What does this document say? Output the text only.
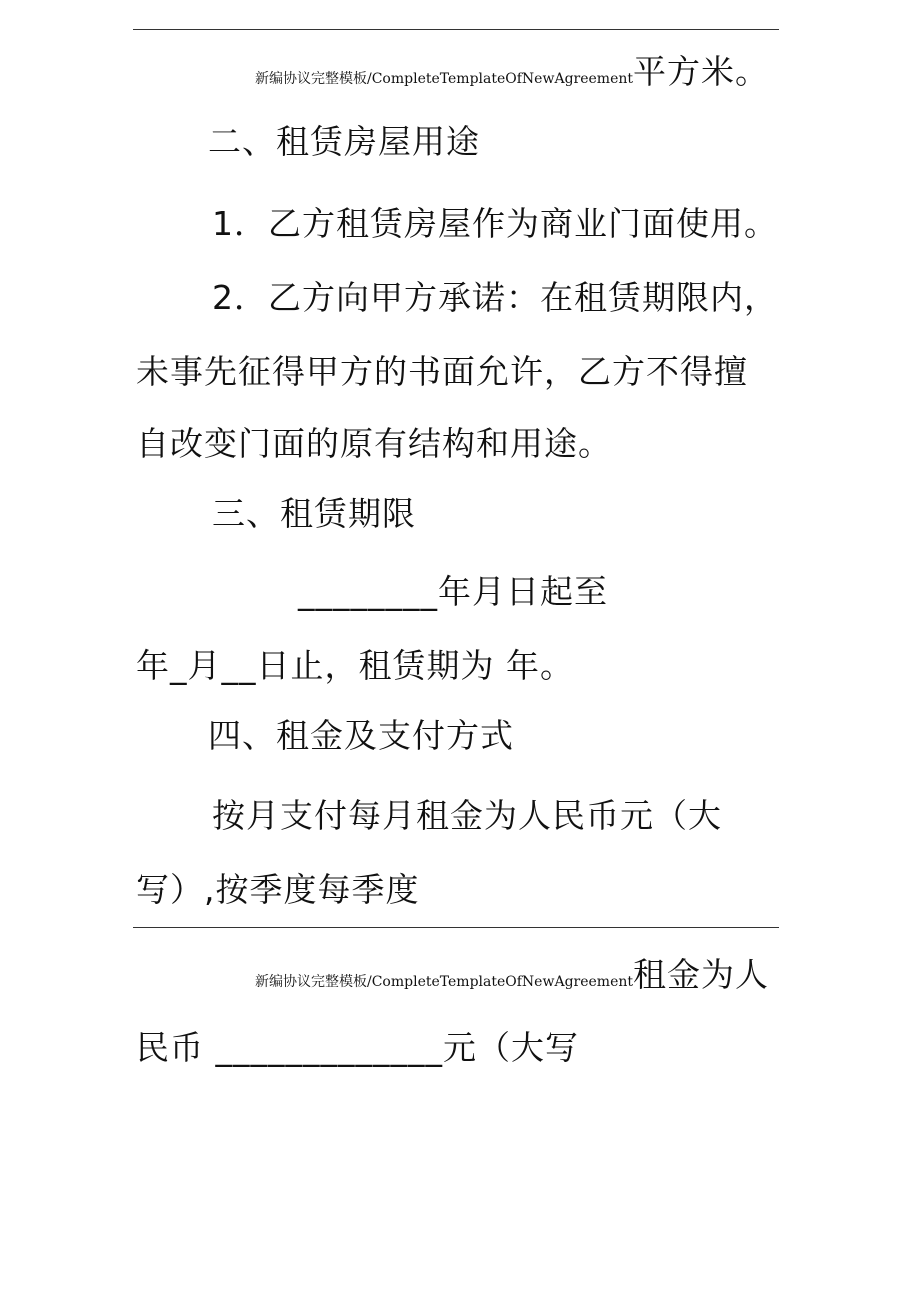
新编协议完整模板/CompleteTemplateOfNewAgreement平方米。
二、租赁房屋用途
1．乙方租赁房屋作为商业门面使用。
2．乙方向甲方承诺：在租赁期限内，
未事先征得甲方的书面允许，乙方不得擅
自改变门面的原有结构和用途。
三、租赁期限
________年月日起至
年_月__日止，租赁期为 年。
四、租金及支付方式
按月支付每月租金为人民币元（大
写）,按季度每季度
新编协议完整模板/CompleteTemplateOfNewAgreement租金为人
民币 _____________元（大写
